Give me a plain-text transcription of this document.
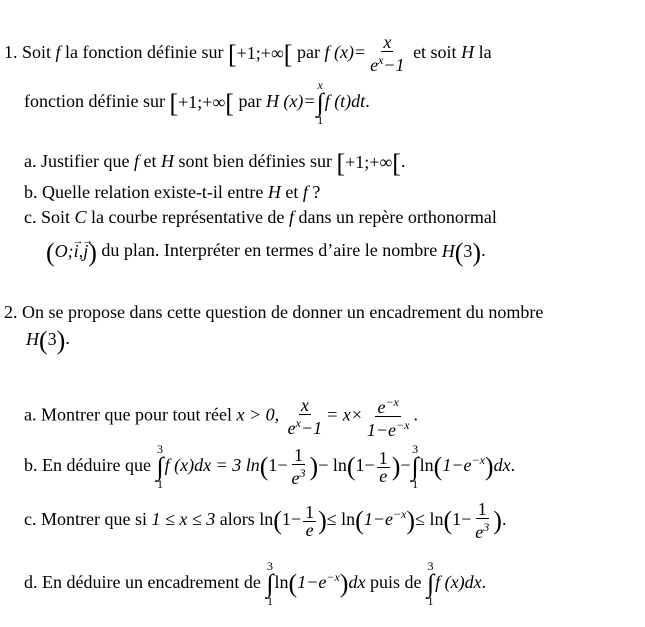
1. Soit f la fonction définie sur [+1;+∞[ par f $(x)= \frac{x}{e^x-1}$ et soit H la
fonction définie sur [+1;+∞[ par H (x)=
x
∫
1
f (t)dt.
a. Justifier que f et H sont bien définies sur [+1;+∞[.
b. Quelle relation existe-t-il entre H et f ?
c. Soit C la courbe représentative de f dans un repère orthonormal
(O;→ i,→ j) du plan. Interpréter en termes d’aire le nombre H(3).
2. On se propose dans cette question de donner un encadrement du nombre
H(3).
a. Montrer que pour tout réel x > 0, $\frac{x}{e^x-1} = x\times \frac{e^{-x}}{1-e^{-x}}$ .
b. En déduire que
3
∫
1
f (x)dx = 3 $\ln(1- \frac{1}{e^3}$ )− $\ln(1- \frac{1}{e}$ )−
3
∫
1
$\ln(1-e^{-x})dx$.
c. Montrer que si 1 ≤ x ≤ 3 alors $\ln(1- \frac{1}{e}$ )≤ $\ln(1-e^{-x})\le \ln(1- \frac{1}{e^3}$ ).
d. En déduire un encadrement de
3
∫
1
$\ln(1-e^{-x})dx$ puis de
3
∫
1
f (x)dx.
